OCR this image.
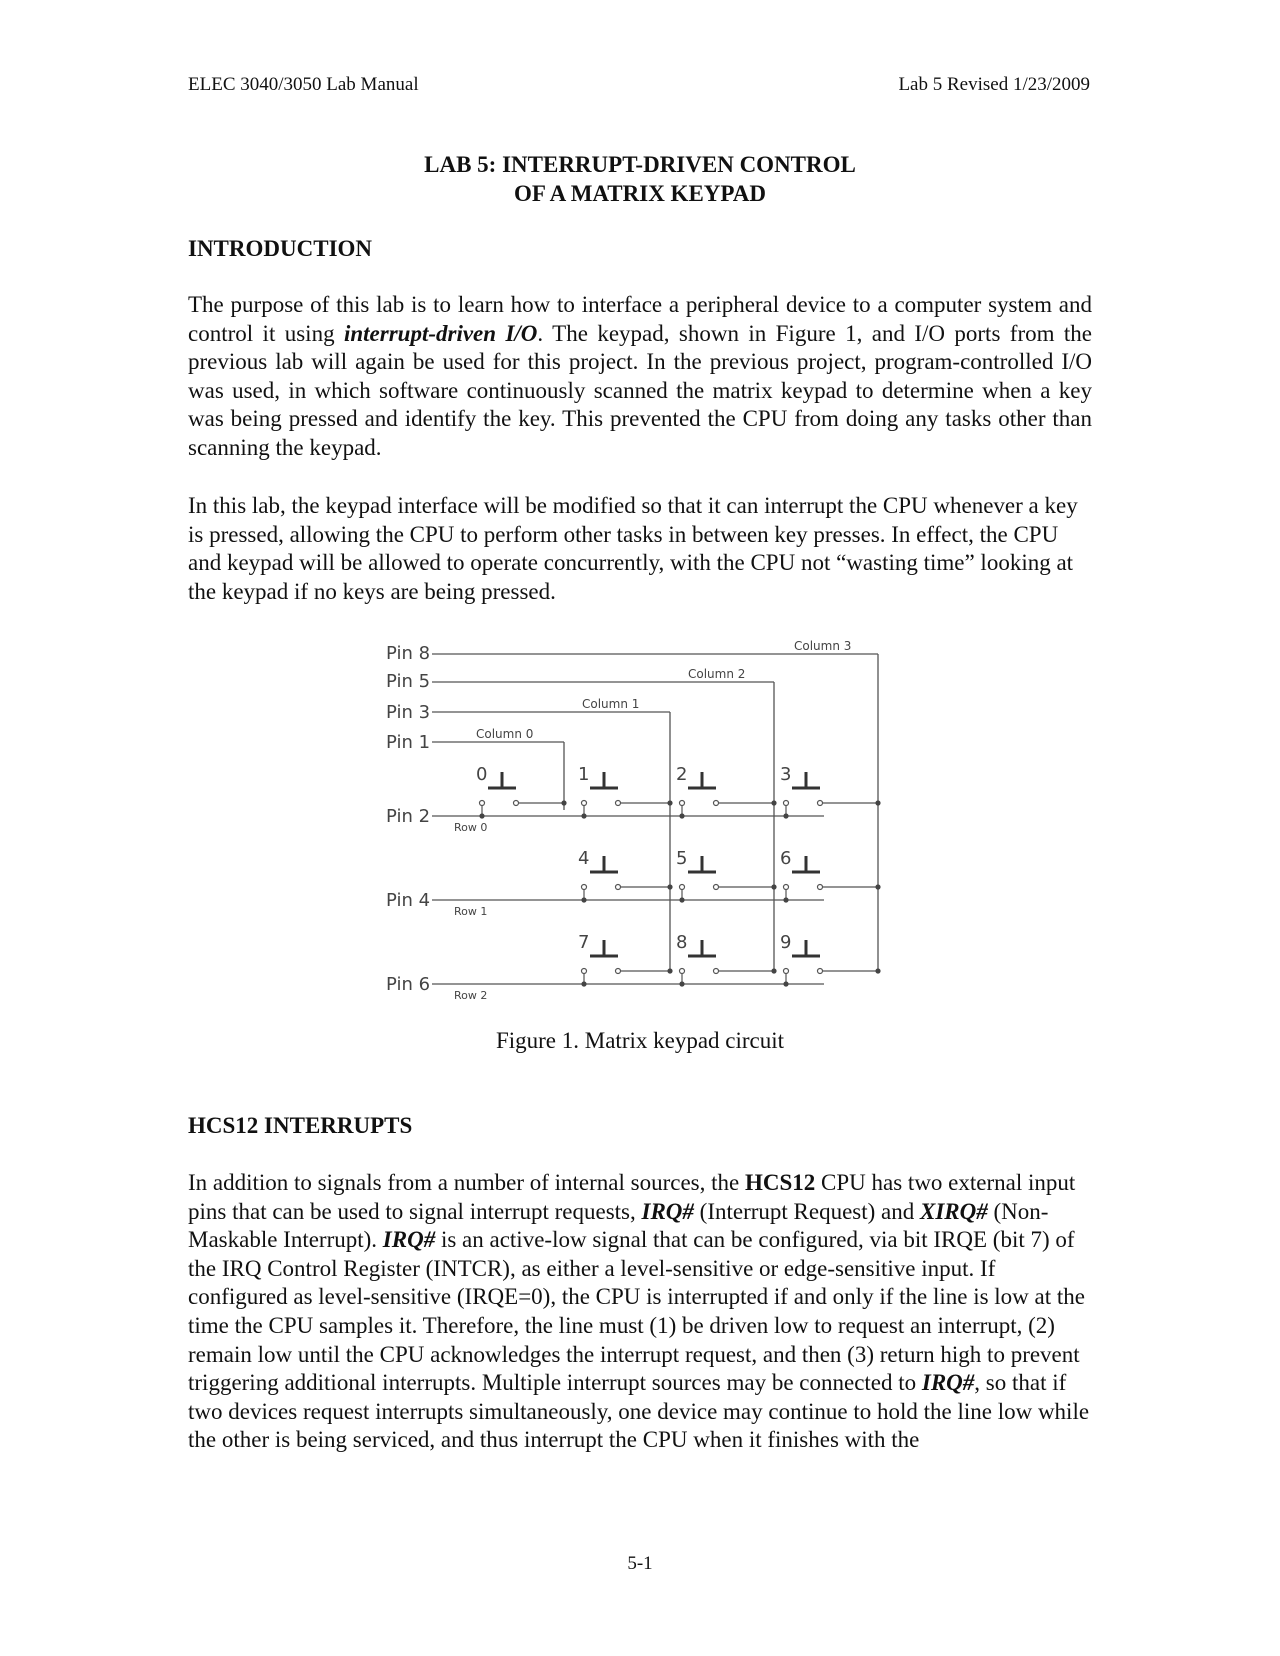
ELEC 3040/3050 Lab Manual	Lab 5 Revised 1/23/2009
LAB 5: INTERRUPT-DRIVEN CONTROL
OF A MATRIX KEYPAD
INTRODUCTION

The purpose of this lab is to learn how to interface a peripheral device to a computer system and control it using interrupt-driven I/O. The keypad, shown in Figure 1, and I/O ports from the previous lab will again be used for this project. In the previous project, program-controlled I/O was used, in which software continuously scanned the matrix keypad to determine when a key was being pressed and identify the key. This prevented the CPU from doing any tasks other than scanning the keypad.

In this lab, the keypad interface will be modified so that it can interrupt the CPU whenever a key is pressed, allowing the CPU to perform other tasks in between key presses. In effect, the CPU and keypad will be allowed to operate concurrently, with the CPU not “wasting time” looking at the keypad if no keys are being pressed.

Pin 8
Pin 5
Pin 3
Pin 1
Pin 2
Pin 4
Pin 6
Column 0
Column 1
Column 2
Column 3
Row 0
Row 1
Row 2
0	1	2	3
4	5	6
7	8	9
Figure 1. Matrix keypad circuit
HCS12 INTERRUPTS

In addition to signals from a number of internal sources, the HCS12 CPU has two external input pins that can be used to signal interrupt requests, IRQ# (Interrupt Request) and XIRQ# (Non-Maskable Interrupt). IRQ# is an active-low signal that can be configured, via bit IRQE (bit 7) of the IRQ Control Register (INTCR), as either a level-sensitive or edge-sensitive input. If configured as level-sensitive (IRQE=0), the CPU is interrupted if and only if the line is low at the time the CPU samples it. Therefore, the line must (1) be driven low to request an interrupt, (2) remain low until the CPU acknowledges the interrupt request, and then (3) return high to prevent triggering additional interrupts. Multiple interrupt sources may be connected to IRQ#, so that if two devices request interrupts simultaneously, one device may continue to hold the line low while the other is being serviced, and thus interrupt the CPU when it finishes with the

5-1
